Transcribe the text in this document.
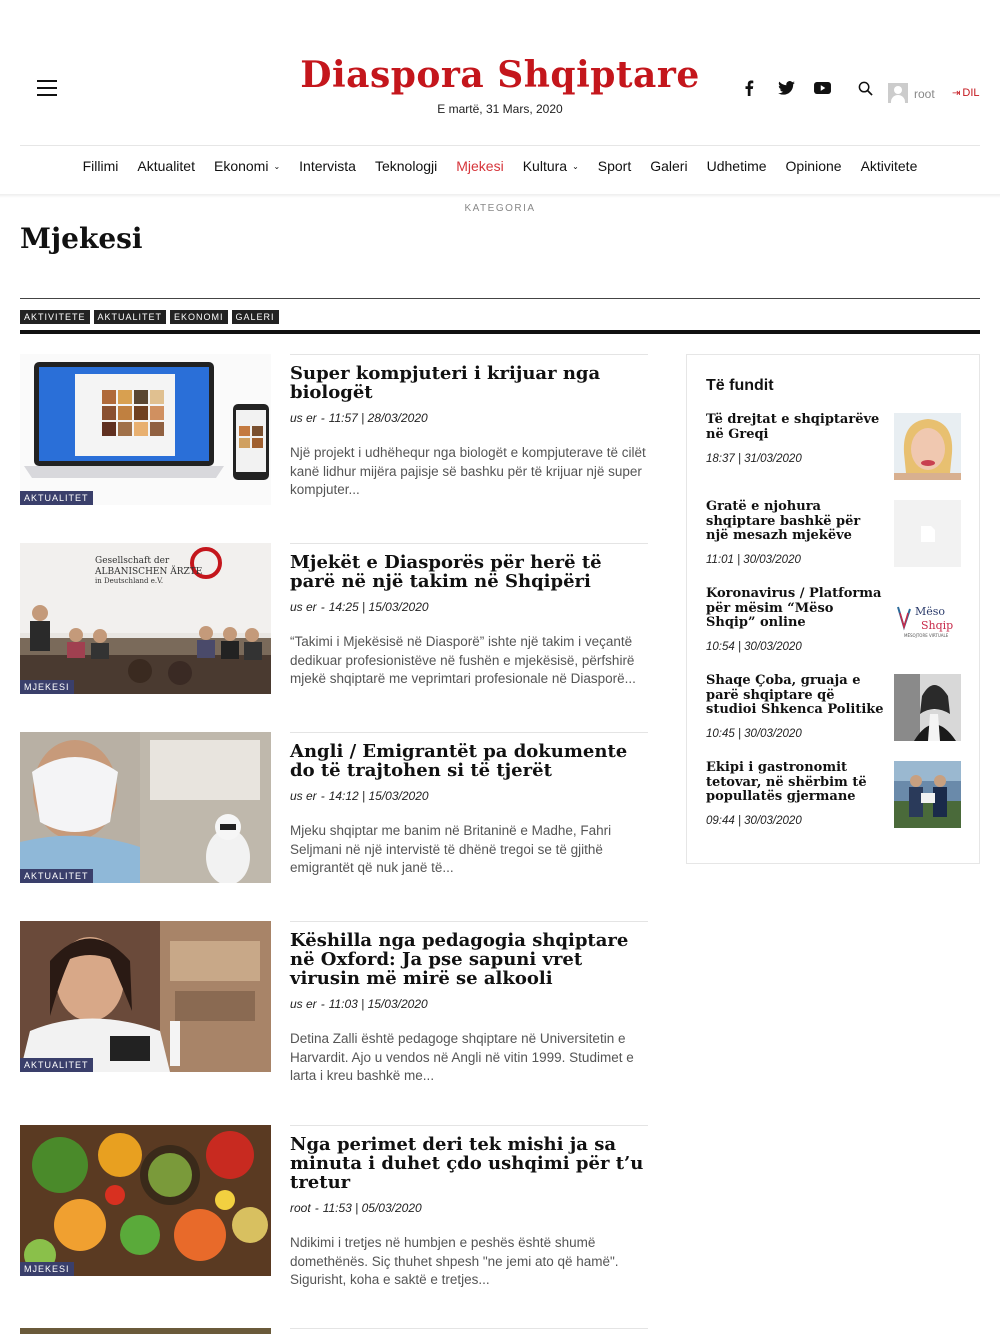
Diaspora Shqiptare
E martë, 31 Mars, 2020
root ⇥ DIL
Fillimi	Aktualitet	Ekonomi ⌄	Intervista	Teknologji	Mjekesi	Kultura ⌄	Sport	Galeri	Udhetime	Opinione	Aktivitete
KATEGORIA
Mjekesi
AKTIVITETE	AKTUALITET	EKONOMI	GALERI
AKTUALITET
Super kompjuteri i krijuar nga biologët
us er - 11:57 | 28/03/2020

Një projekt i udhëhequr nga biologët e kompjuterave të cilët kanë lidhur mijëra pajisje së bashku për të krijuar një super kompjuter...

Gesellschaft der
ALBANISCHEN ÄRZTE
in Deutschland e.V.
MJEKESI
Mjekët e Diasporës për herë të parë në një takim në Shqipëri
us er - 14:25 | 15/03/2020

“Takimi i Mjekësisë në Diasporë” ishte një takim i veçantë dedikuar profesionistëve në fushën e mjekësisë, përfshirë mjekë shqiptarë me veprimtari profesionale në Diasporë...

AKTUALITET
Angli / Emigrantët pa dokumente do të trajtohen si të tjerët
us er - 14:12 | 15/03/2020

Mjeku shqiptar me banim në Britaninë e Madhe, Fahri Seljmani në një intervistë të dhënë tregoi se të gjithë emigrantët që nuk janë të...

AKTUALITET
Këshilla nga pedagogia shqiptare në Oxford: Ja pse sapuni vret virusin më mirë se alkooli
us er - 11:03 | 15/03/2020

Detina Zalli është pedagoge shqiptare në Universitetin e Harvardit. Ajo u vendos në Angli në vitin 1999. Studimet e larta i kreu bashkë me...

MJEKESI
Nga perimet deri tek mishi ja sa minuta i duhet çdo ushqimi për t’u tretur
root - 11:53 | 05/03/2020

Ndikimi i tretjes në humbjen e peshës është shumë domethënës. Siç thuhet shpesh "ne jemi ato që hamë". Sigurisht, koha e saktë e tretjes...

Të fundit
Të drejtat e shqiptarëve në Greqi
18:37 | 31/03/2020
Gratë e njohura shqiptare bashkë për një mesazh mjekëve
11:01 | 30/03/2020
Koronavirus / Platforma për mësim “Mëso Shqip” online
10:54 | 30/03/2020
Mëso
Shqip
MËSOJTORE VIRTUALE
Shaqe Çoba, gruaja e parë shqiptare që studioi Shkenca Politike
10:45 | 30/03/2020
Ekipi i gastronomit tetovar, në shërbim të popullatës gjermane
09:44 | 30/03/2020
